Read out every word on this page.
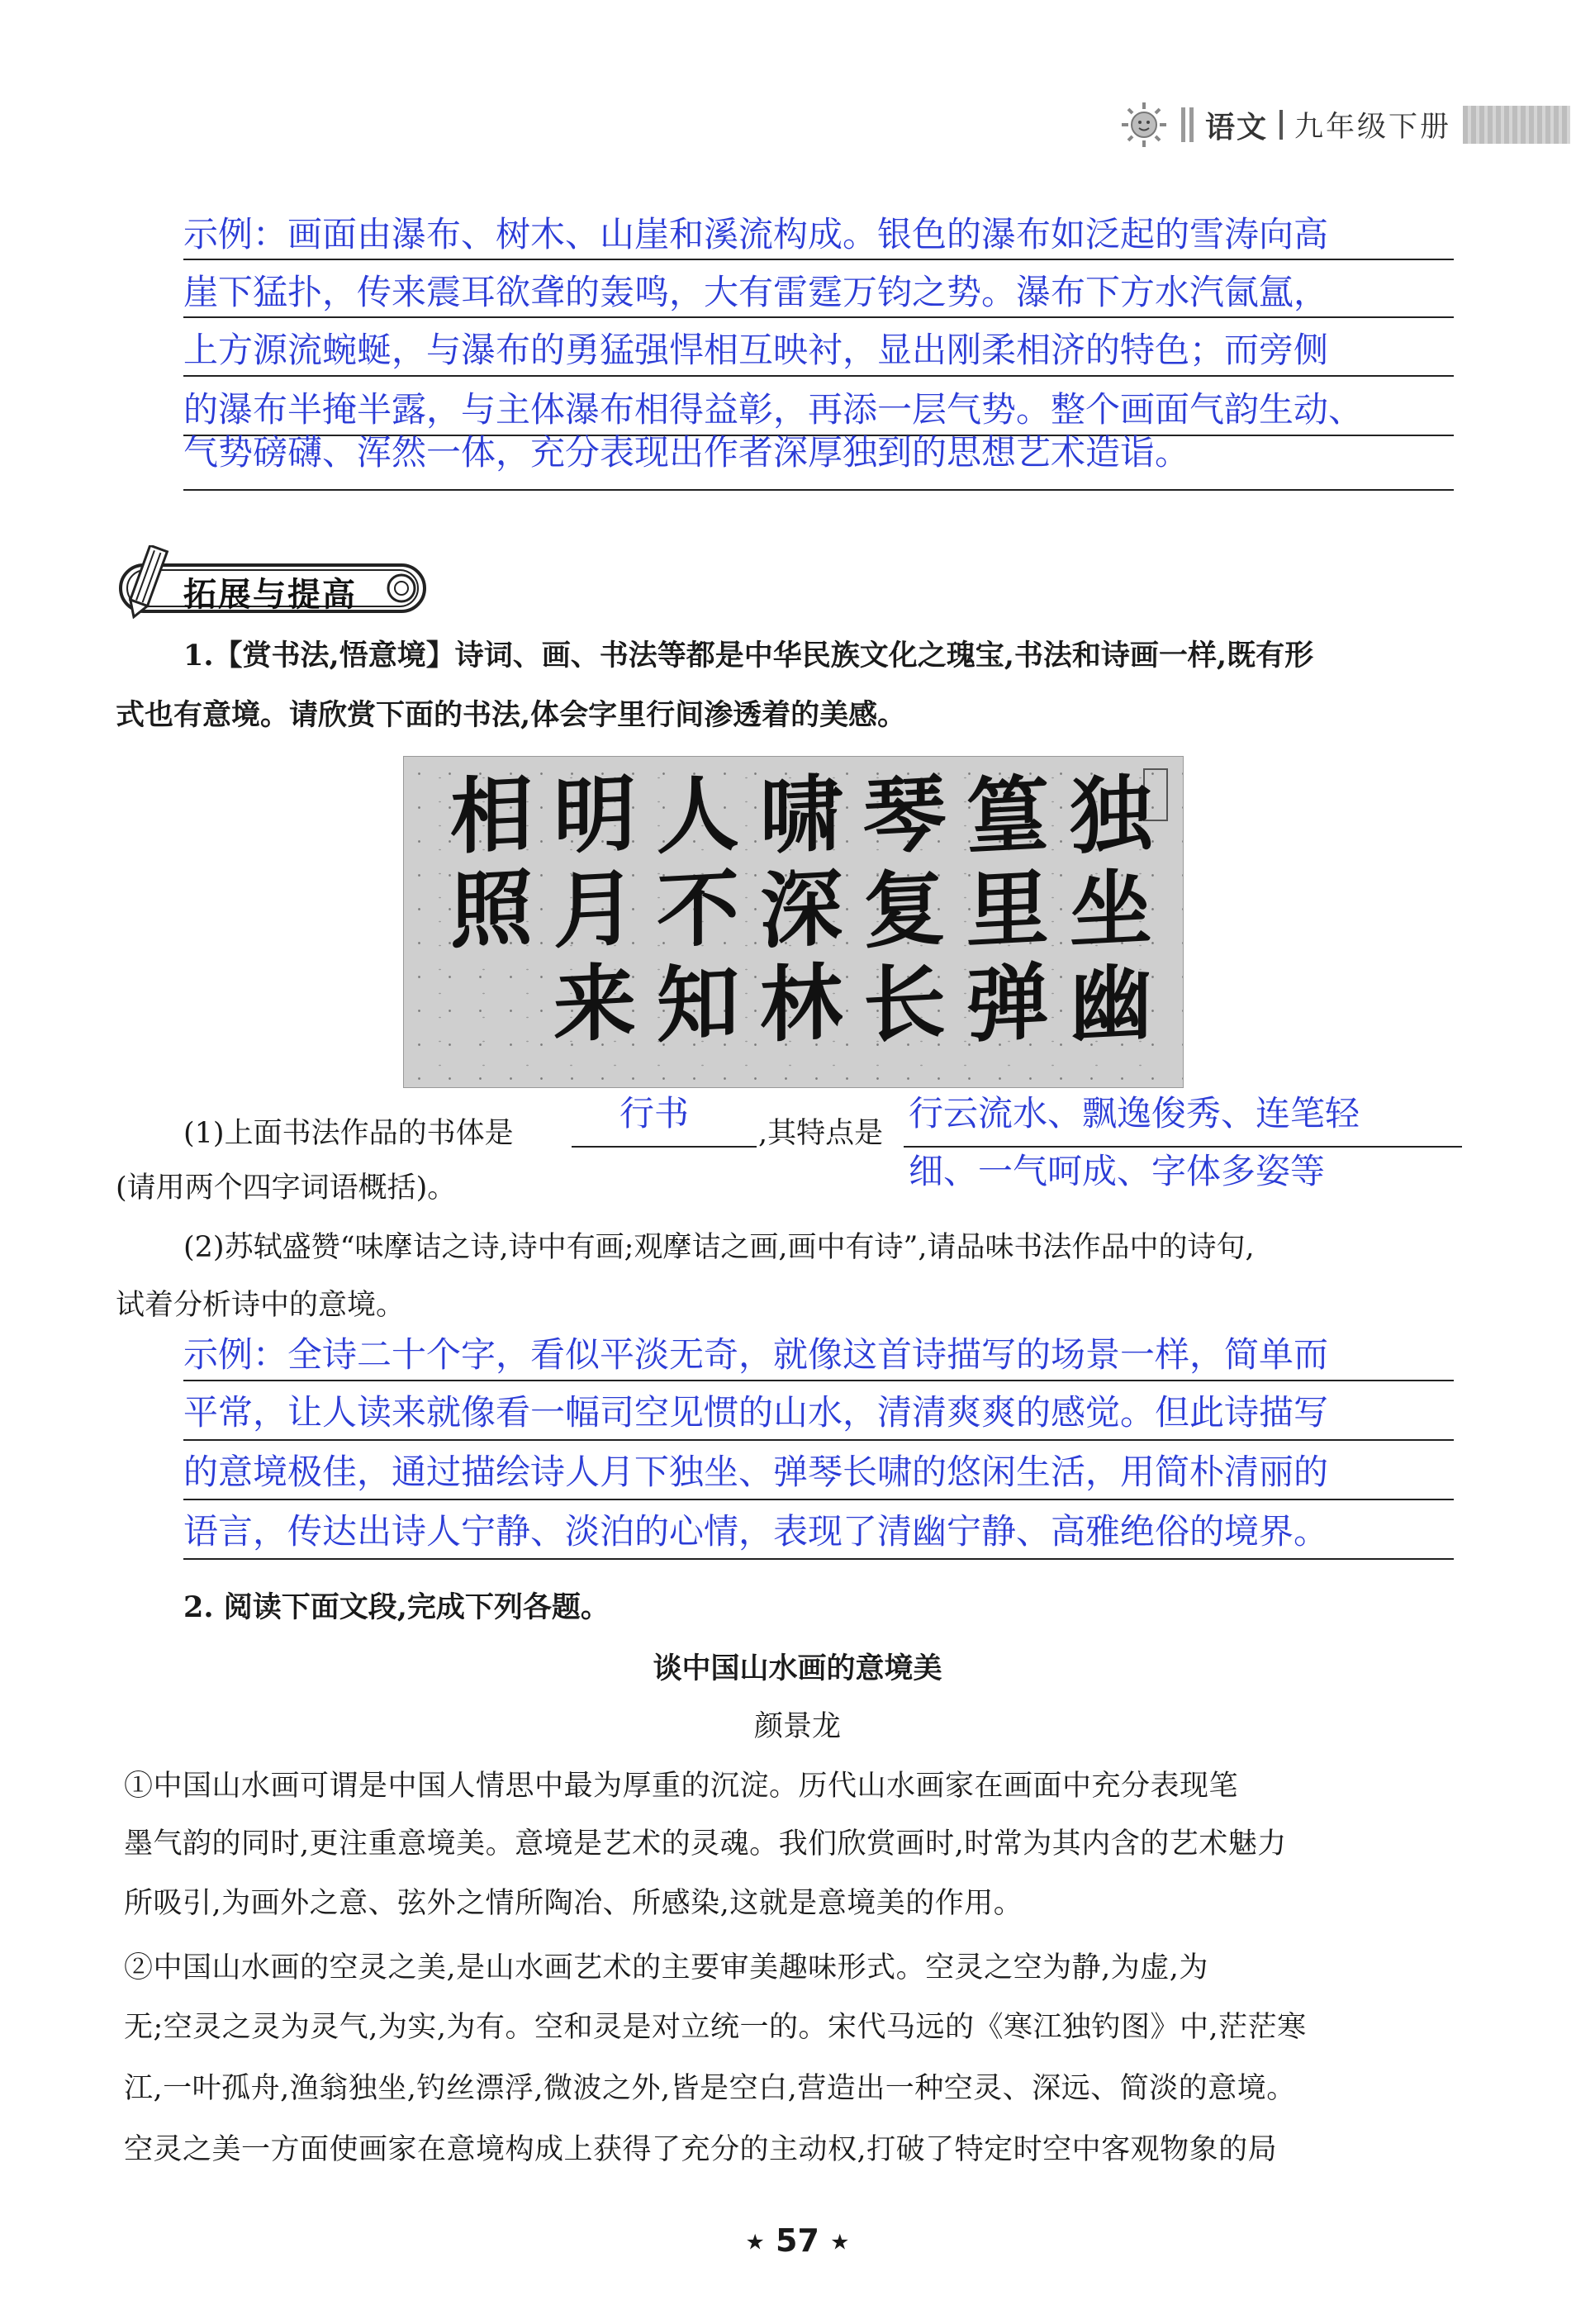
语文 九年级下册
示例：画面由瀑布、树木、山崖和溪流构成。银色的瀑布如泛起的雪涛向高
崖下猛扑，传来震耳欲聋的轰鸣，大有雷霆万钧之势。瀑布下方水汽氤氲，
上方源流蜿蜒，与瀑布的勇猛强悍相互映衬，显出刚柔相济的特色；而旁侧
的瀑布半掩半露，与主体瀑布相得益彰，再添一层气势。整个画面气韵生动、
气势磅礴、浑然一体，充分表现出作者深厚独到的思想艺术造诣。
拓展与提高
1.【赏书法,悟意境】诗词、画、书法等都是中华民族文化之瑰宝,书法和诗画一样,既有形
式也有意境。请欣赏下面的书法,体会字里行间渗透着的美感。
独坐幽
篁里弹
琴复长
啸深林
人不知
明月来
相照
(1)上面书法作品的书体是	行书 ,其特点是 行云流水、飘逸俊秀、连笔轻
(请用两个四字词语概括)。	细、一气呵成、字体多姿等
(2)苏轼盛赞“味摩诘之诗,诗中有画;观摩诘之画,画中有诗”,请品味书法作品中的诗句,
试着分析诗中的意境。
示例：全诗二十个字，看似平淡无奇，就像这首诗描写的场景一样，简单而
平常，让人读来就像看一幅司空见惯的山水，清清爽爽的感觉。但此诗描写
的意境极佳，通过描绘诗人月下独坐、弹琴长啸的悠闲生活，用简朴清丽的
语言，传达出诗人宁静、淡泊的心情，表现了清幽宁静、高雅绝俗的境界。
2. 阅读下面文段,完成下列各题。
谈中国山水画的意境美
颜景龙
①中国山水画可谓是中国人情思中最为厚重的沉淀。历代山水画家在画面中充分表现笔
墨气韵的同时,更注重意境美。意境是艺术的灵魂。我们欣赏画时,时常为其内含的艺术魅力
所吸引,为画外之意、弦外之情所陶冶、所感染,这就是意境美的作用。
②中国山水画的空灵之美,是山水画艺术的主要审美趣味形式。空灵之空为静,为虚,为
无;空灵之灵为灵气,为实,为有。空和灵是对立统一的。宋代马远的《寒江独钓图》中,茫茫寒
江,一叶孤舟,渔翁独坐,钓丝漂浮,微波之外,皆是空白,营造出一种空灵、深远、简淡的意境。
空灵之美一方面使画家在意境构成上获得了充分的主动权,打破了特定时空中客观物象的局
★ 57 ★
